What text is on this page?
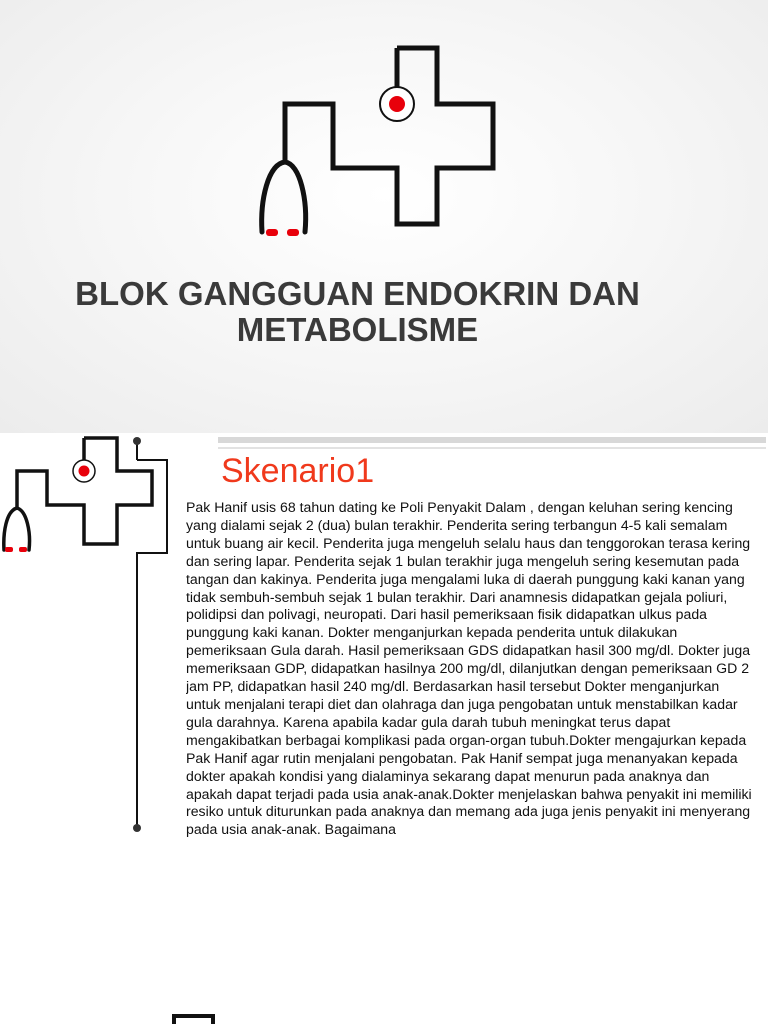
BLOK GANGGUAN ENDOKRIN DAN METABOLISME
Skenario1

Pak Hanif usis 68 tahun dating ke Poli Penyakit Dalam , dengan keluhan sering kencing yang dialami sejak 2 (dua) bulan terakhir. Penderita sering terbangun 4-5 kali semalam untuk buang air kecil. Penderita juga mengeluh selalu haus dan tenggorokan terasa kering dan sering lapar. Penderita sejak 1 bulan terakhir juga mengeluh sering kesemutan pada tangan dan kakinya. Penderita juga mengalami luka di daerah punggung kaki kanan yang tidak sembuh-sembuh sejak 1 bulan terakhir. Dari anamnesis didapatkan gejala poliuri, polidipsi dan polivagi, neuropati. Dari hasil pemeriksaan fisik didapatkan ulkus pada punggung kaki kanan. Dokter menganjurkan kepada penderita untuk dilakukan pemeriksaan Gula darah. Hasil pemeriksaan GDS didapatkan hasil 300 mg/dl. Dokter juga memeriksaan GDP, didapatkan hasilnya 200 mg/dl, dilanjutkan dengan pemeriksaan GD 2 jam PP, didapatkan hasil 240 mg/dl. Berdasarkan hasil tersebut Dokter menganjurkan untuk menjalani terapi diet dan olahraga dan juga pengobatan untuk menstabilkan kadar gula darahnya. Karena apabila kadar gula darah tubuh meningkat terus dapat mengakibatkan berbagai komplikasi pada organ-organ tubuh.Dokter mengajurkan kepada Pak Hanif agar rutin menjalani pengobatan. Pak Hanif sempat juga menanyakan kepada dokter apakah kondisi yang dialaminya sekarang dapat menurun pada anaknya dan apakah dapat terjadi pada usia anak-anak.Dokter menjelaskan bahwa penyakit ini memiliki resiko untuk diturunkan pada anaknya dan memang ada juga jenis penyakit ini menyerang pada usia anak-anak. Bagaimana
